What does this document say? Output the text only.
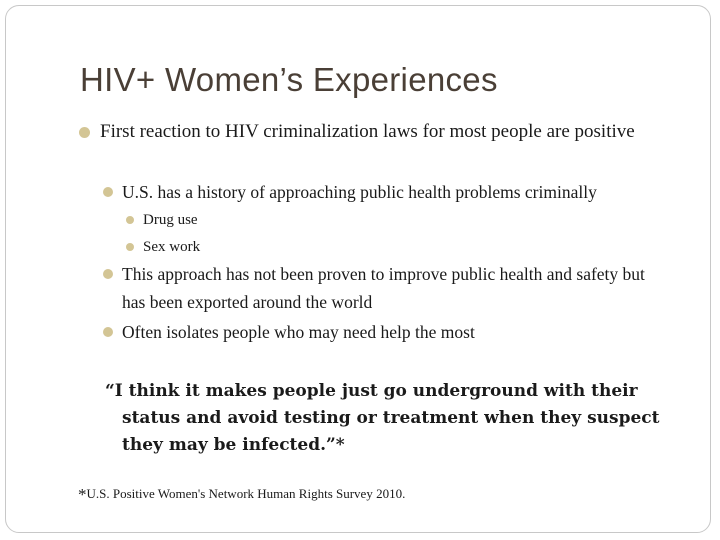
HIV+ Women’s Experiences
First reaction to HIV criminalization laws for most people are positive
U.S. has a history of approaching public health problems criminally
Drug use
Sex work
This approach has not been proven to improve public health and safety but has been exported around the world
Often isolates people who may need help the most
“I think it makes people just go underground with their status and avoid testing or treatment when they suspect they may be infected.”*
*U.S. Positive Women's Network Human Rights Survey 2010.
